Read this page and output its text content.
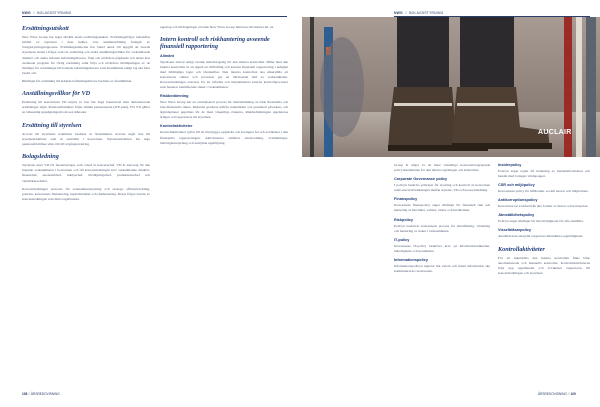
NWG // BOLAGSSTYRNING
Ersättningsutskott

New Wave Group har inget särskilt utsett ersättningsutskott. Ersättningsfrågor behandlas istället av styrelsen i dess helhet, vars sammansättning framgår av bolagsstyrningsrapporten. Ersättningsutskottet har bland annat till uppgift att bereda styrelsens beslut i frågor som rör ersättning och andra anställningsvillkor för verkställande direktör och andra ledande befattningshavare, följa och utvärdera pågående och under året avslutade program för rörlig ersättning samt följa och utvärdera tillämpningen av de riktlinjer för ersättningar till ledande befattningshavare som årsstämman enligt lag ska fatta beslut om.

Riktlinjer för ersättning till ledande befattningshavare beslutas av årsstämman.

Anställningsvillkor för VD

Ersättning till koncernens VD utgörs av fast lön. Inga bonusavtal eller aktiebaserade ersättningar utgår. Pensionsförmåner följer allmän pensionsplan (ITP-plan). För VD gäller en ömsesidig uppsägningstid om sex månader.

Ersättning till styrelsen

Arvode till styrelsens ledamöter beslutas av årsstämman. Arvode utgår inte till styrelseledamöter som är anställda i koncernen. Styrelseledamöter har inga pensionsförmåner eller rätt till avgångsvederlag.

Bolagsledning

Styrelsen utser VD för moderbolaget, som också är koncernchef. VD är ansvarig för den löpande verksamheten i koncernen och till koncernledningen hör: verkställande direktör, finanschef, ekonomichef, inköpschef, försäljningschef, produktionschef och varumärkeschefer.

Koncernledningen ansvarar för verksamhetsstyrning och strategi, affärsutveckling, policies, koncernens finansiering, kapitalstruktur och riskhantering. Dessa frågor bereds av koncernledningen som möts regelbundet.

uppdrag och tilldragningar rörande New Wave Group hänvisas till sidorna 40–41.

Intern kontroll och riskhantering avseende finansiell rapportering
Allmänt

Styrelsens ansvar enligt svensk aktiebolagslag för den interna kontrollen. Målet med den interna kontrollen är att uppnå en tillförlitlig och korrekt finansiell rapportering i enlighet med tillämpliga lagar och föreskrifter. Den interna kontrollen ska säkerställa att koncernens rutiner och processer ger en rättvisande bild av verksamheten. Koncernledningen ansvarar för att utforma och implementera interna kontrollprocesser som hanterar identifierade risker i verksamheten.

Riskbedömning

New Wave Group har en centraliserad process för riskbedömning av både finansiella och icke-finansiella risker. Riskerna graderas utifrån sannolikhet och potentiell påverkan, och åtgärdsplaner upprättas för de mest väsentliga riskerna. Riskbedömningen uppdateras årligen och rapporteras till styrelsen.

Kontrollaktiviteter

Kontrollaktiviteter syftar till att förebygga, upptäcka och korrigera fel och avvikelser i den finansiella rapporteringen. Aktiviteterna omfattar attestordning, avstämningar, behörighetsstyrning och analytisk uppföljning.

108 // ÅRSREDOVISNING
NWG // BOLAGSSTYRNING
AUCLAIR

Group är några av de mest väsentliga koncernövergripande policydokumenten för den interna styrningen och kontrollen.

Corporate Governance policy

I policyn beskrivs principer för styrning och kontroll av koncernen samt ansvarsfördelningen mellan styrelse, VD och koncernledning.

Finanspolicy

Koncernens finanspolicy anger riktlinjer för finansiell risk och hantering av likviditet, valutor, räntor och kreditrisker.

Riskpolicy

Policyn beskriver koncernens process för identifiering, värdering och hantering av risker i verksamheten.

IT-policy

Koncernens IT-policy beskriver krav på informationssäkerhet, behörigheter och kontinuitet.

Informationspolicy

Informationspolicyn reglerar hur extern och intern information ska kommuniceras i koncernen.

Insiderpolicy

Policyn anger regler för hantering av insiderinformation och handel med bolagets värdepapper.

CSR och miljöpolicy

Koncernens policy för hållbarhet, socialt ansvar och miljöarbete.

Antikorruptionspolicy

Koncernen tar avstånd från alla former av mutor och korruption.

Jämställdhetspolicy

Policyn anger riktlinjer för lika möjligheter för alla anställda.

Visselblåsarpolicy

Anställda kan anonymt rapportera misstänkta oegentligheter.

Kontrollaktiviteter

För att säkerställa den interna kontrollen finns både automatiserade och manuella kontroller. Kontrollaktiviteterna följs upp regelbundet och avvikelser rapporteras till koncernledningen och styrelsen.

ÅRSREDOVISNING // 109
